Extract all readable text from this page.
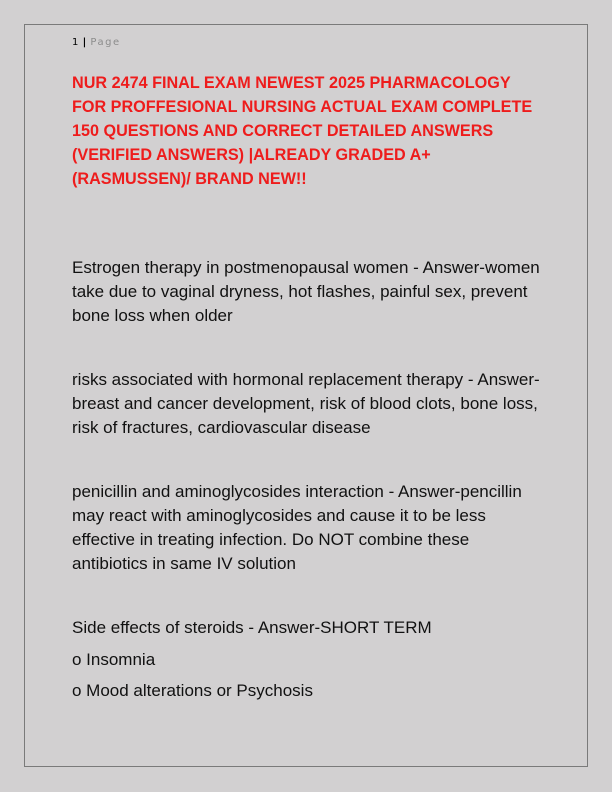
1 | Page
NUR 2474 FINAL EXAM NEWEST 2025 PHARMACOLOGY FOR PROFFESIONAL NURSING ACTUAL EXAM COMPLETE 150 QUESTIONS AND CORRECT DETAILED ANSWERS (VERIFIED ANSWERS) |ALREADY GRADED A+(RASMUSSEN)/ BRAND NEW!!

Estrogen therapy in postmenopausal women - Answer-women take due to vaginal dryness, hot flashes, painful sex, prevent bone loss when older

risks associated with hormonal replacement therapy - Answer-breast and cancer development, risk of blood clots, bone loss, risk of fractures, cardiovascular disease

penicillin and aminoglycosides interaction - Answer-pencillin may react with aminoglycosides and cause it to be less effective in treating infection. Do NOT combine these antibiotics in same IV solution

Side effects of steroids - Answer-SHORT TERM

o Insomnia

o Mood alterations or Psychosis
